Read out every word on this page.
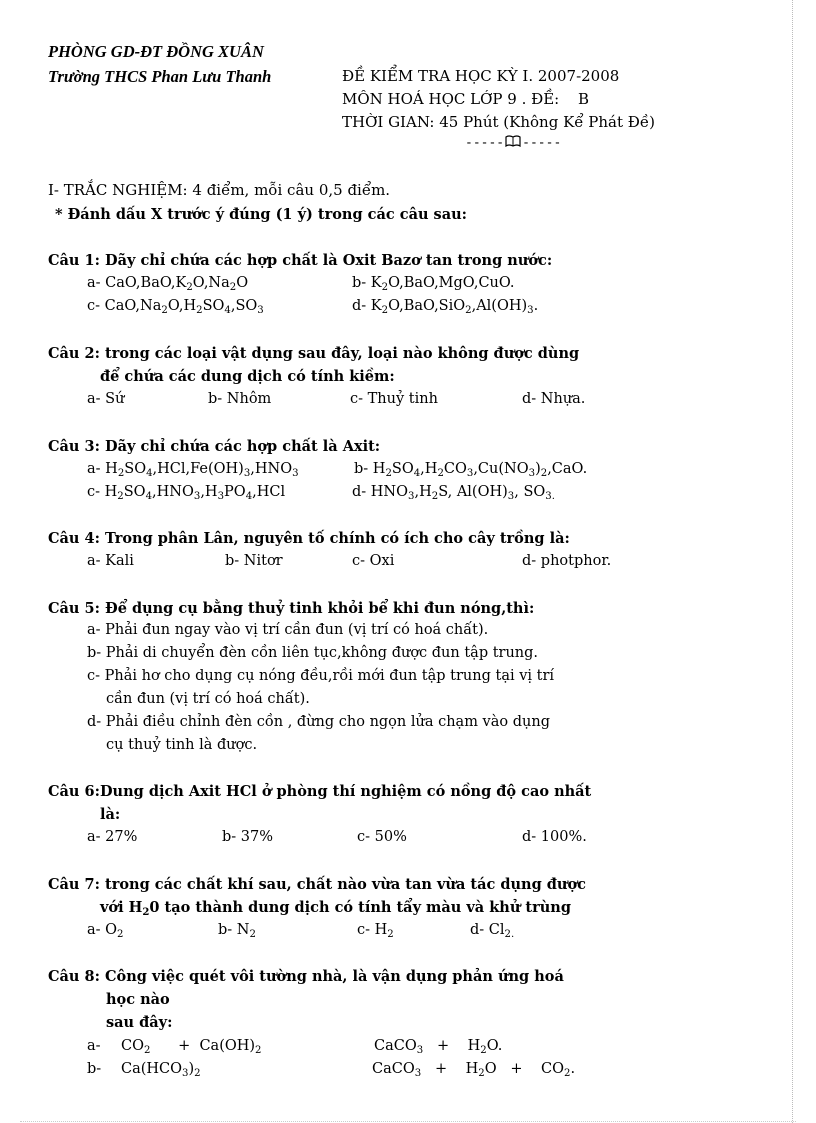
PHÒNG GD-ĐT ĐỒNG XUÂN
Trường THCS Phan Lưu Thanh	ĐỀ KIỂM TRA HỌC KỲ I. 2007-2008
MÔN HOÁ HỌC LỚP 9 . ĐỀ: B
THỜI GIAN: 45 Phút (Không Kể Phát Đề)
----- -----
I- TRẮC NGHIỆM: 4 điểm, mỗi câu 0,5 điểm.
* Đánh dấu X trước ý đúng (1 ý) trong các câu sau:
Câu 1: Dãy chỉ chứa các hợp chất là Oxit Bazơ tan trong nước:
a- $CaO,BaO,K_2O,Na_2O$	b- $K_2O,BaO,MgO,CuO$.
c- $CaO,Na_2O,H_2SO_4,SO_3$	d- $K_2O,BaO,SiO_2,Al(OH)_3$.
Câu 2: trong các loại vật dụng sau đây, loại nào không được dùng
để chứa các dung dịch có tính kiềm:
a- Sứ	b- Nhôm	c- Thuỷ tinh	d- Nhựa.
Câu 3: Dãy chỉ chứa các hợp chất là Axit:
a- $H_2SO_4,HCl,Fe(OH)_3,HNO_3$	b- $H_2SO_4,H_2CO_3,Cu(NO_3)_2,CaO$.
c- $H_2SO_4,HNO_3,H_3PO_4,HCl$	d- $HNO_3,H_2S$, $Al(OH)_3$, $SO_{3.}$
Câu 4: Trong phân Lân, nguyên tố chính có ích cho cây trồng là:
a- Kali	b- Nitơr	c- Oxi	d- photphor.
Câu 5: Để dụng cụ bằng thuỷ tinh khỏi bể khi đun nóng,thì:
a- Phải đun ngay vào vị trí cần đun (vị trí có hoá chất).
b- Phải di chuyển đèn cồn liên tục,không được đun tập trung.
c- Phải hơ cho dụng cụ nóng đều,rồi mới đun tập trung tại vị trí
cần đun (vị trí có hoá chất).
d- Phải điều chỉnh đèn cồn , đừng cho ngọn lửa chạm vào dụng
cụ thuỷ tinh là được.
Câu 6:Dung dịch Axit HCl ở phòng thí nghiệm có nồng độ cao nhất
là:
a- 27%	b- 37%	c- 50%	d- 100%.
Câu 7: trong các chất khí sau, chất nào vừa tan vừa tác dụng được
với $H_20$ tạo thành dung dịch có tính tẩy màu và khử trùng
a- $O_2$	b- $N_2$	c- $H_2$	d- $Cl_{2.}$
Câu 8: Công việc quét vôi tường nhà, là vận dụng phản ứng hoá
học nào
sau đây:
a- $CO_2$      +  $Ca(OH)_2$	CaCO$_3$   +    $H_2O$.
b- $Ca(HCO_3)_2$	CaCO$_3$   +    $H_2O$   +    $CO_2$.
